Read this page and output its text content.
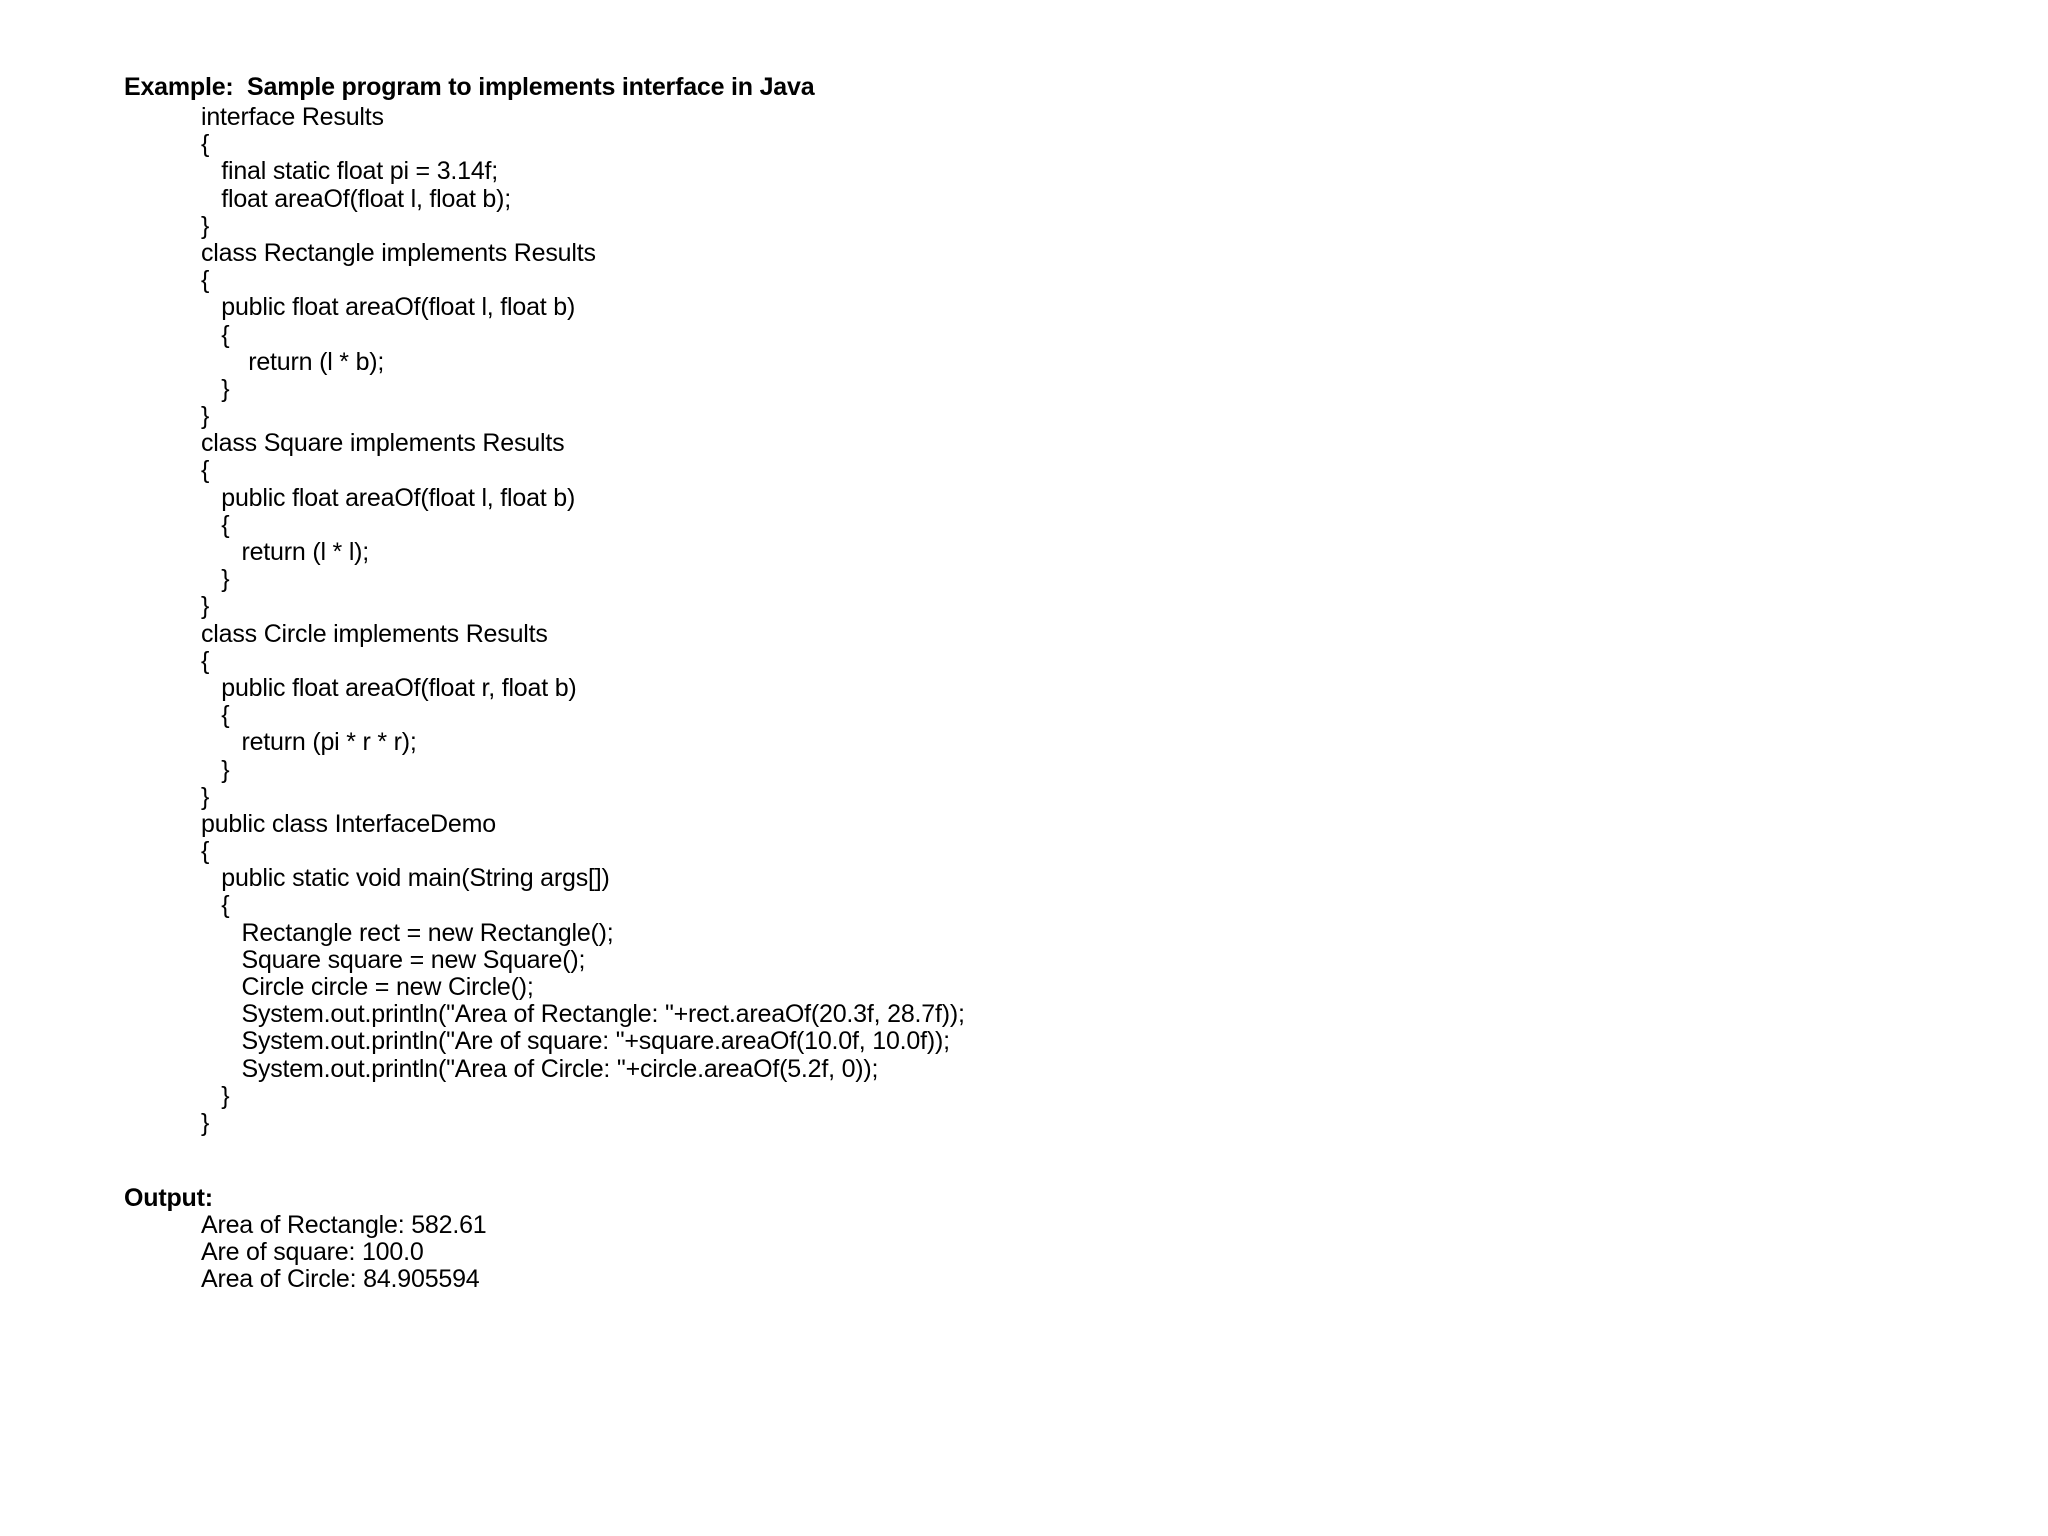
Example:  Sample program to implements interface in Java
interface Results
{
final static float pi = 3.14f;
float areaOf(float l, float b);
}
class Rectangle implements Results
{
public float areaOf(float l, float b)
{
return (l * b);
}
}
class Square implements Results
{
public float areaOf(float l, float b)
{
return (l * l);
}
}
class Circle implements Results
{
public float areaOf(float r, float b)
{
return (pi * r * r);
}
}
public class InterfaceDemo
{
public static void main(String args[])
{
Rectangle rect = new Rectangle();
Square square = new Square();
Circle circle = new Circle();
System.out.println("Area of Rectangle: "+rect.areaOf(20.3f, 28.7f));
System.out.println("Are of square: "+square.areaOf(10.0f, 10.0f));
System.out.println("Area of Circle: "+circle.areaOf(5.2f, 0));
}
}
Output:
Area of Rectangle: 582.61
Are of square: 100.0
Area of Circle: 84.905594
